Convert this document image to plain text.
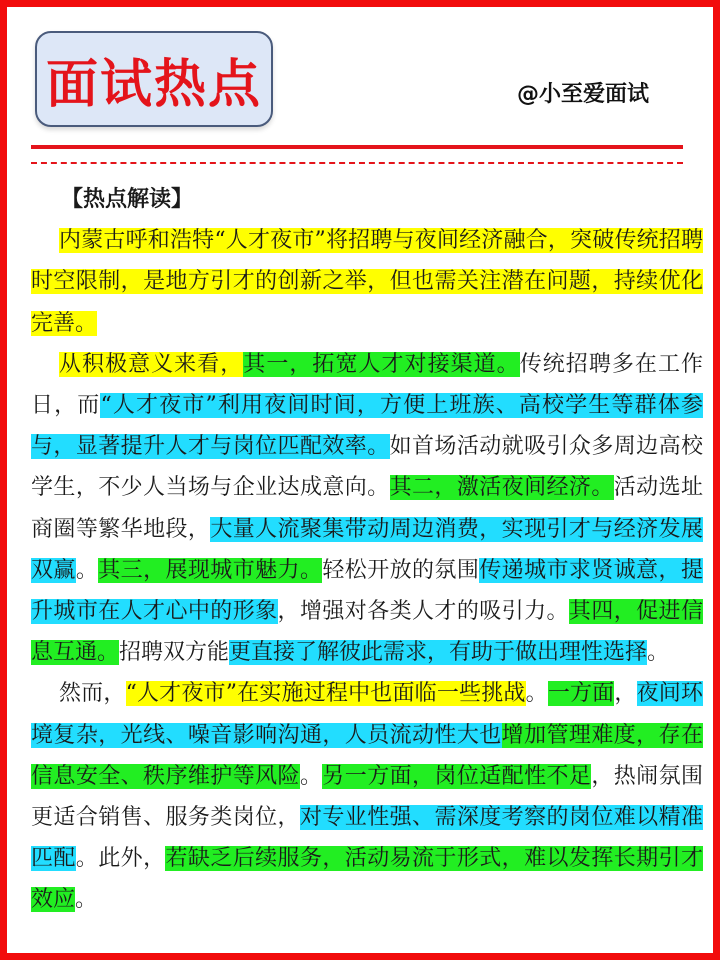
面试热点	@小至爱面试
【热点解读】

内蒙古呼和浩特“人才夜市”将招聘与夜间经济融合，突破传统招聘时空限制，是地方引才的创新之举，但也需关注潜在问题，持续优化完善。

从积极意义来看，其一，拓宽人才对接渠道。传统招聘多在工作日，而“人才夜市”利用夜间时间，方便上班族、高校学生等群体参与，显著提升人才与岗位匹配效率。如首场活动就吸引众多周边高校学生，不少人当场与企业达成意向。其二，激活夜间经济。活动选址商圈等繁华地段，大量人流聚集带动周边消费，实现引才与经济发展双赢。其三，展现城市魅力。轻松开放的氛围传递城市求贤诚意，提升城市在人才心中的形象，增强对各类人才的吸引力。其四，促进信息互通。招聘双方能更直接了解彼此需求，有助于做出理性选择。

然而，“人才夜市”在实施过程中也面临一些挑战。一方面，夜间环境复杂，光线、噪音影响沟通，人员流动性大也增加管理难度，存在信息安全、秩序维护等风险。另一方面，岗位适配性不足，热闹氛围更适合销售、服务类岗位，对专业性强、需深度考察的岗位难以精准匹配。此外，若缺乏后续服务，活动易流于形式，难以发挥长期引才效应。
